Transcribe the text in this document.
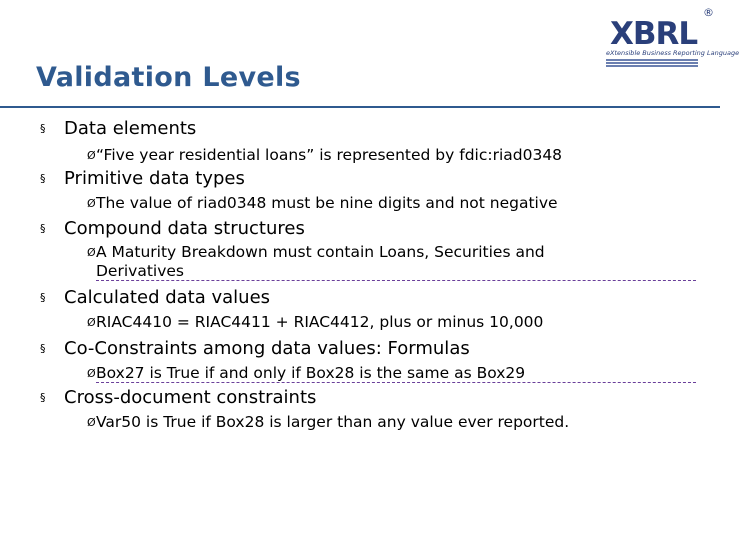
Validation Levels
XBRL
®
eXtensible Business Reporting Language
§ Data elements
Ø “Five year residential loans” is represented by fdic:riad0348
§ Primitive data types
Ø The value of riad0348 must be nine digits and not negative
§ Compound data structures
Ø A Maturity Breakdown must contain Loans, Securities and
Derivatives
§ Calculated data values
Ø RIAC4410 = RIAC4411 + RIAC4412, plus or minus 10,000
§ Co-Constraints among data values: Formulas
Ø Box27 is True if and only if Box28 is the same as Box29
§ Cross-document constraints
Ø Var50 is True if Box28 is larger than any value ever reported.
